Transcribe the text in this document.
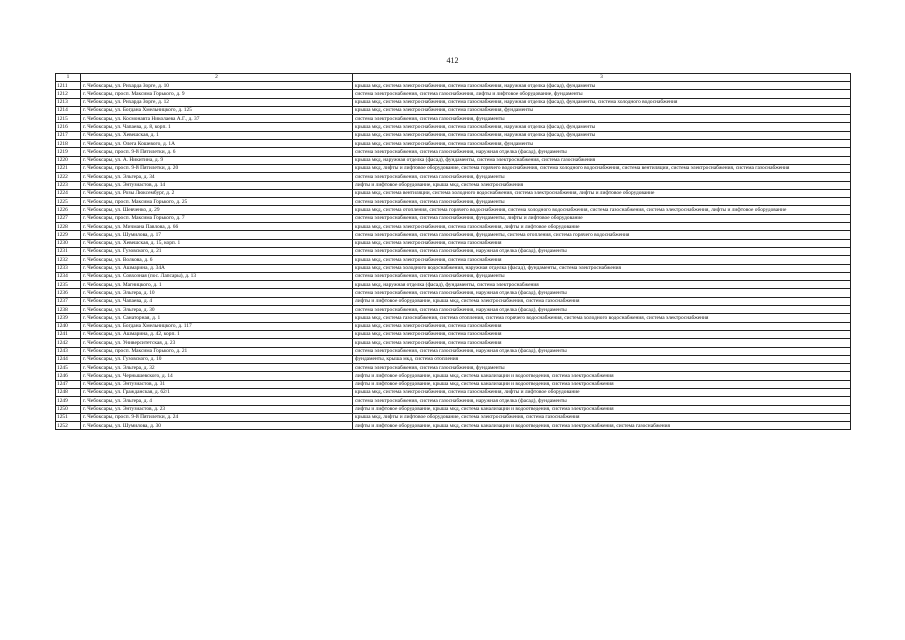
412
1	2	3
1211	г. Чебоксары, ул. Рихарда Зорге, д. 10	крыша мкд, система электроснабжения, система газоснабжения, наружная отделка (фасад), фундаменты
1212	г. Чебоксары, просп. Максима Горького, д. 9	система электроснабжения, система газоснабжения, лифты и лифтовое оборудование, фундаменты
1213	г. Чебоксары, ул. Рихарда Зорге, д. 12	крыша мкд, система электроснабжения, система газоснабжения, наружная отделка (фасад), фундаменты, система холодного водоснабжения
1214	г. Чебоксары, ул. Богдана Хмельницкого, д. 125	крыша мкд, система электроснабжения, система газоснабжения, фундаменты
1215	г. Чебоксары, ул. Космонавта Николаева А.Г., д. 37	система электроснабжения, система газоснабжения, фундаменты
1216	г. Чебоксары, ул. Чапаева, д. 8, корп. 1	крыша мкд, система электроснабжения, система газоснабжения, наружная отделка (фасад), фундаменты
1217	г. Чебоксары, ул. Хевешская, д. 1	крыша мкд, система электроснабжения, система газоснабжения, наружная отделка (фасад), фундаменты
1218	г. Чебоксары, ул. Олега Кошевого, д. 1А	крыша мкд, система электроснабжения, система газоснабжения, фундаменты
1219	г. Чебоксары, просп. 9-й Пятилетки, д. 6	система электроснабжения, система газоснабжения, наружная отделка (фасад), фундаменты
1220	г. Чебоксары, ул. А. Никитина, д. 9	крыша мкд, наружная отделка (фасад), фундаменты, система электроснабжения, система газоснабжения
1221	г. Чебоксары, просп. 9-й Пятилетки, д. 20	крыша мкд, лифты и лифтовое оборудование, система горячего водоснабжения, система холодного водоснабжения, система вентиляции, система электроснабжения, система газоснабжения
1222	г. Чебоксары, ул. Эльгера, д. 34	система электроснабжения, система газоснабжения, фундаменты
1223	г. Чебоксары, ул. Энтузиастов, д. 14	лифты и лифтовое оборудование, крыша мкд, система электроснабжения
1224	г. Чебоксары, ул. Розы Люксембург, д. 2	крыша мкд, система вентиляции, система холодного водоснабжения, система электроснабжения, лифты и лифтовое оборудование
1225	г. Чебоксары, просп. Максима Горького, д. 25	система электроснабжения, система газоснабжения, фундаменты
1226	г. Чебоксары, ул. Шевченко, д. 29	крыша мкд, система отопления, система горячего водоснабжения, система холодного водоснабжения, система газоснабжения, система электроснабжения, лифты и лифтовое оборудование
1227	г. Чебоксары, просп. Максима Горького, д. 7	система электроснабжения, система газоснабжения, фундаменты, лифты и лифтовое оборудование
1228	г. Чебоксары, ул. Мичмана Павлова, д. 66	крыша мкд, система электроснабжения, система газоснабжения, лифты и лифтовое оборудование
1229	г. Чебоксары, ул. Шумилова, д. 17	система электроснабжения, система газоснабжения, фундаменты, система отопления, система горячего водоснабжения
1230	г. Чебоксары, ул. Хевешская, д. 15, корп. 1	крыша мкд, система электроснабжения, система газоснабжения
1231	г. Чебоксары, ул. Гузовского, д. 21	система электроснабжения, система газоснабжения, наружная отделка (фасад), фундаменты
1232	г. Чебоксары, ул. Волкова, д. 6	крыша мкд, система электроснабжения, система газоснабжения
1233	г. Чебоксары, ул. Ашмарина, д. 34А	крыша мкд, система холодного водоснабжения, наружная отделка (фасад), фундаменты, система электроснабжения
1234	г. Чебоксары, ул. Совхозная (пос. Лапсары), д. 13	система электроснабжения, система газоснабжения, фундаменты
1235	г. Чебоксары, ул. Магницкого, д. 1	крыша мкд, наружная отделка (фасад), фундаменты, система электроснабжения
1236	г. Чебоксары, ул. Эльгера, д. 10	система электроснабжения, система газоснабжения, наружная отделка (фасад), фундаменты
1237	г. Чебоксары, ул. Чапаева, д. 4	лифты и лифтовое оборудование, крыша мкд, система электроснабжения, система газоснабжения
1238	г. Чебоксары, ул. Эльгера, д. 30	система электроснабжения, система газоснабжения, наружная отделка (фасад), фундаменты
1239	г. Чебоксары, ул. Санаторная, д. 1	крыша мкд, система газоснабжения, система отопления, система горячего водоснабжения, система холодного водоснабжения, система электроснабжения
1240	г. Чебоксары, ул. Богдана Хмельницкого, д. 117	крыша мкд, система электроснабжения, система газоснабжения
1241	г. Чебоксары, ул. Ашмарина, д. 42, корп. 1	крыша мкд, система электроснабжения, система газоснабжения
1242	г. Чебоксары, ул. Университетская, д. 23	крыша мкд, система электроснабжения, система газоснабжения
1243	г. Чебоксары, просп. Максима Горького, д. 21	система электроснабжения, система газоснабжения, наружная отделка (фасад), фундаменты
1244	г. Чебоксары, ул. Гузовского, д. 10	фундаменты, крыша мкд, система отопления
1245	г. Чебоксары, ул. Эльгера, д. 32	система электроснабжения, система газоснабжения, фундаменты
1246	г. Чебоксары, ул. Чернышевского, д. 14	лифты и лифтовое оборудование, крыша мкд, система канализации и водоотведения, система электроснабжения
1247	г. Чебоксары, ул. Энтузиастов, д. 31	лифты и лифтовое оборудование, крыша мкд, система канализации и водоотведения, система электроснабжения
1248	г. Чебоксары, ул. Гражданская, д. 62/1	крыша мкд, система электроснабжения, система газоснабжения, лифты и лифтовое оборудование
1249	г. Чебоксары, ул. Эльгера, д. 4	система электроснабжения, система газоснабжения, наружная отделка (фасад), фундаменты
1250	г. Чебоксары, ул. Энтузиастов, д. 23	лифты и лифтовое оборудование, крыша мкд, система канализации и водоотведения, система электроснабжения
1251	г. Чебоксары, просп. 9-й Пятилетки, д. 24	крыша мкд, лифты и лифтовое оборудование, система электроснабжения, система газоснабжения
1252	г. Чебоксары, ул. Шумилова, д. 30	лифты и лифтовое оборудование, крыша мкд, система канализации и водоотведения, система электроснабжения, система газоснабжения
